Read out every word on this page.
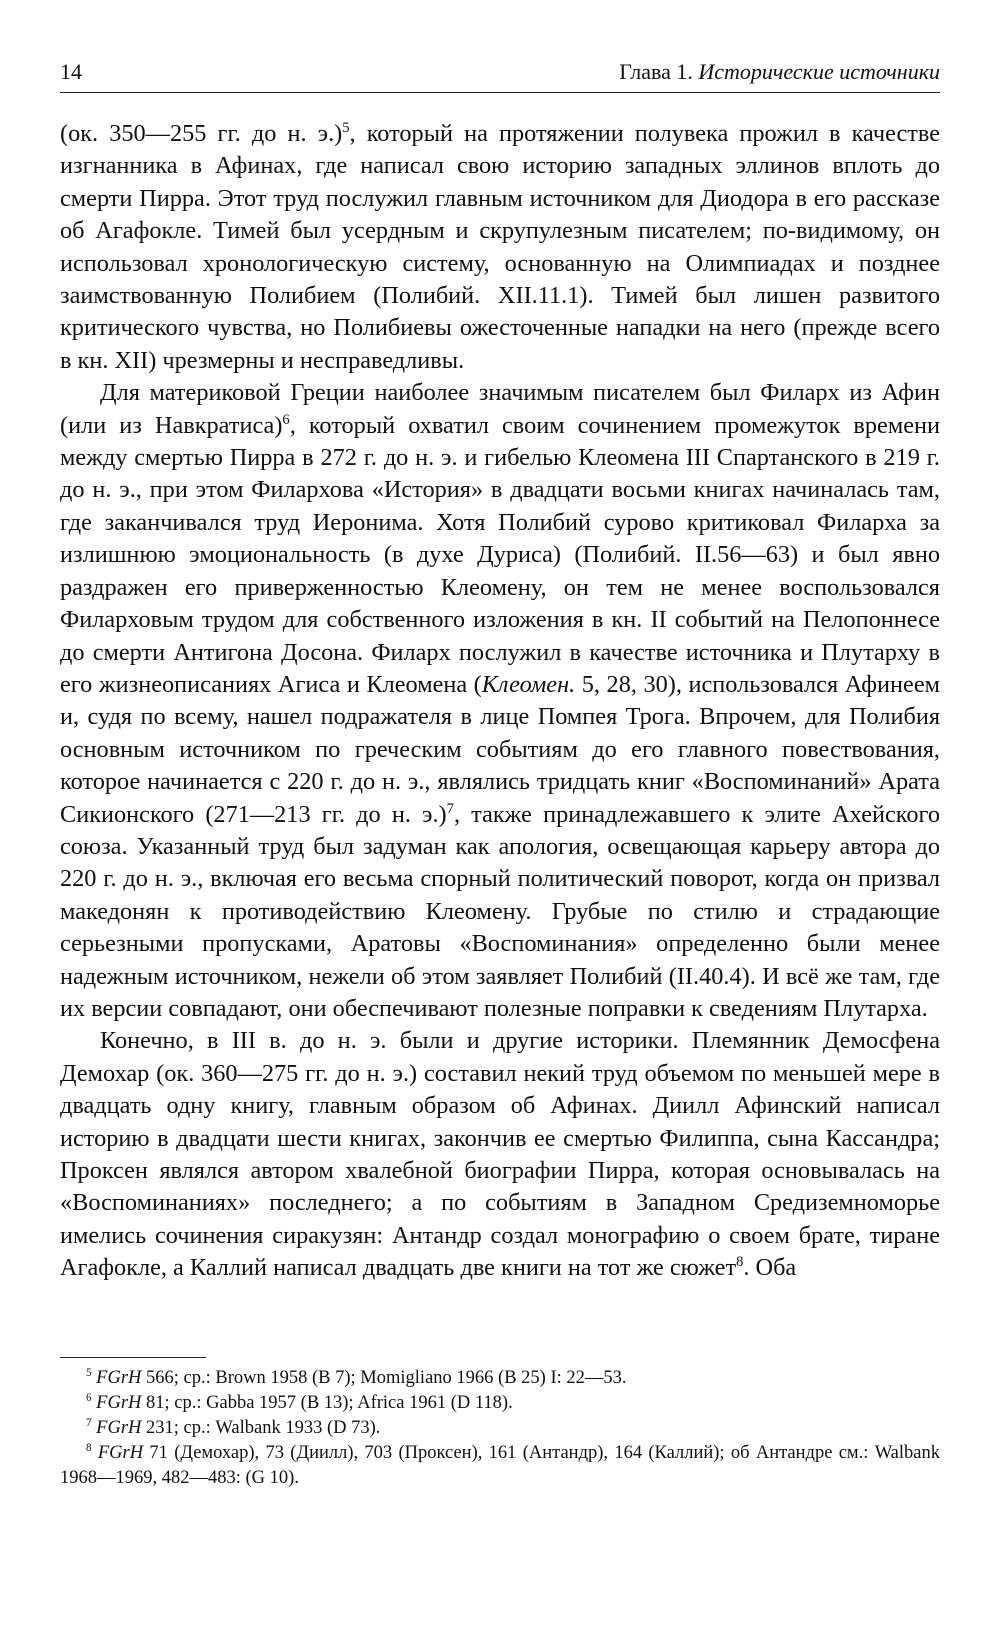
14	Глава 1. Исторические источники

(ок. 350—255 гг. до н. э.)$^5$, который на протяжении полувека прожил в качестве изгнанника в Афинах, где написал свою историю западных эллинов вплоть до смерти Пирра. Этот труд послужил главным источником для Диодора в его рассказе об Агафокле. Тимей был усердным и скрупулезным писателем; по-видимому, он использовал хронологическую систему, основанную на Олимпиадах и позднее заимствованную Полибием (Полибий. XII.11.1). Тимей был лишен развитого критического чувства, но Полибиевы ожесточенные нападки на него (прежде всего в кн. XII) чрезмерны и несправедливы.

Для материковой Греции наиболее значимым писателем был Филарх из Афин (или из Навкратиса)$^6$, который охватил своим сочинением промежуток времени между смертью Пирра в 272 г. до н. э. и гибелью Клеомена III Спартанского в 219 г. до н. э., при этом Филархова «История» в двадцати восьми книгах начиналась там, где заканчивался труд Иеронима. Хотя Полибий сурово критиковал Филарха за излишнюю эмоциональность (в духе Дуриса) (Полибий. II.56—63) и был явно раздражен его приверженностью Клеомену, он тем не менее воспользовался Филарховым трудом для собственного изложения в кн. II событий на Пелопоннесе до смерти Антигона Досона. Филарх послужил в качестве источника и Плутарху в его жизнеописаниях Агиса и Клеомена (Клеомен. 5, 28, 30), использовался Афинеем и, судя по всему, нашел подражателя в лице Помпея Трога. Впрочем, для Полибия основным источником по греческим событиям до его главного повествования, которое начинается с 220 г. до н. э., являлись тридцать книг «Воспоминаний» Арата Сикионского (271—213 гг. до н. э.)$^7$, также принадлежавшего к элите Ахейского союза. Указанный труд был задуман как апология, освещающая карьеру автора до 220 г. до н. э., включая его весьма спорный политический поворот, когда он призвал македонян к противодействию Клеомену. Грубые по стилю и страдающие серьезными пропусками, Аратовы «Воспоминания» определенно были менее надежным источником, нежели об этом заявляет Полибий (II.40.4). И всё же там, где их версии совпадают, они обеспечивают полезные поправки к сведениям Плутарха.

Конечно, в III в. до н. э. были и другие историки. Племянник Демосфена Демохар (ок. 360—275 гг. до н. э.) составил некий труд объемом по меньшей мере в двадцать одну книгу, главным образом об Афинах. Диилл Афинский написал историю в двадцати шести книгах, закончив ее смертью Филиппа, сына Кассандра; Проксен являлся автором хвалебной биографии Пирра, которая основывалась на «Воспоминаниях» последнего; а по событиям в Западном Средиземноморье имелись сочинения сиракузян: Антандр создал монографию о своем брате, тиране Агафокле, а Каллий написал двадцать две книги на тот же сюжет$^8$. Оба

$^5$ FGrH 566; ср.: Brown 1958 (B 7); Momigliano 1966 (B 25) I: 22—53.

$^6$ FGrH 81; ср.: Gabba 1957 (B 13); Africa 1961 (D 118).

$^7$ FGrH 231; ср.: Walbank 1933 (D 73).

$^8$ FGrH 71 (Демохар), 73 (Диилл), 703 (Проксен), 161 (Антандр), 164 (Каллий); об Антандре см.: Walbank 1968—1969, 482—483: (G 10).
